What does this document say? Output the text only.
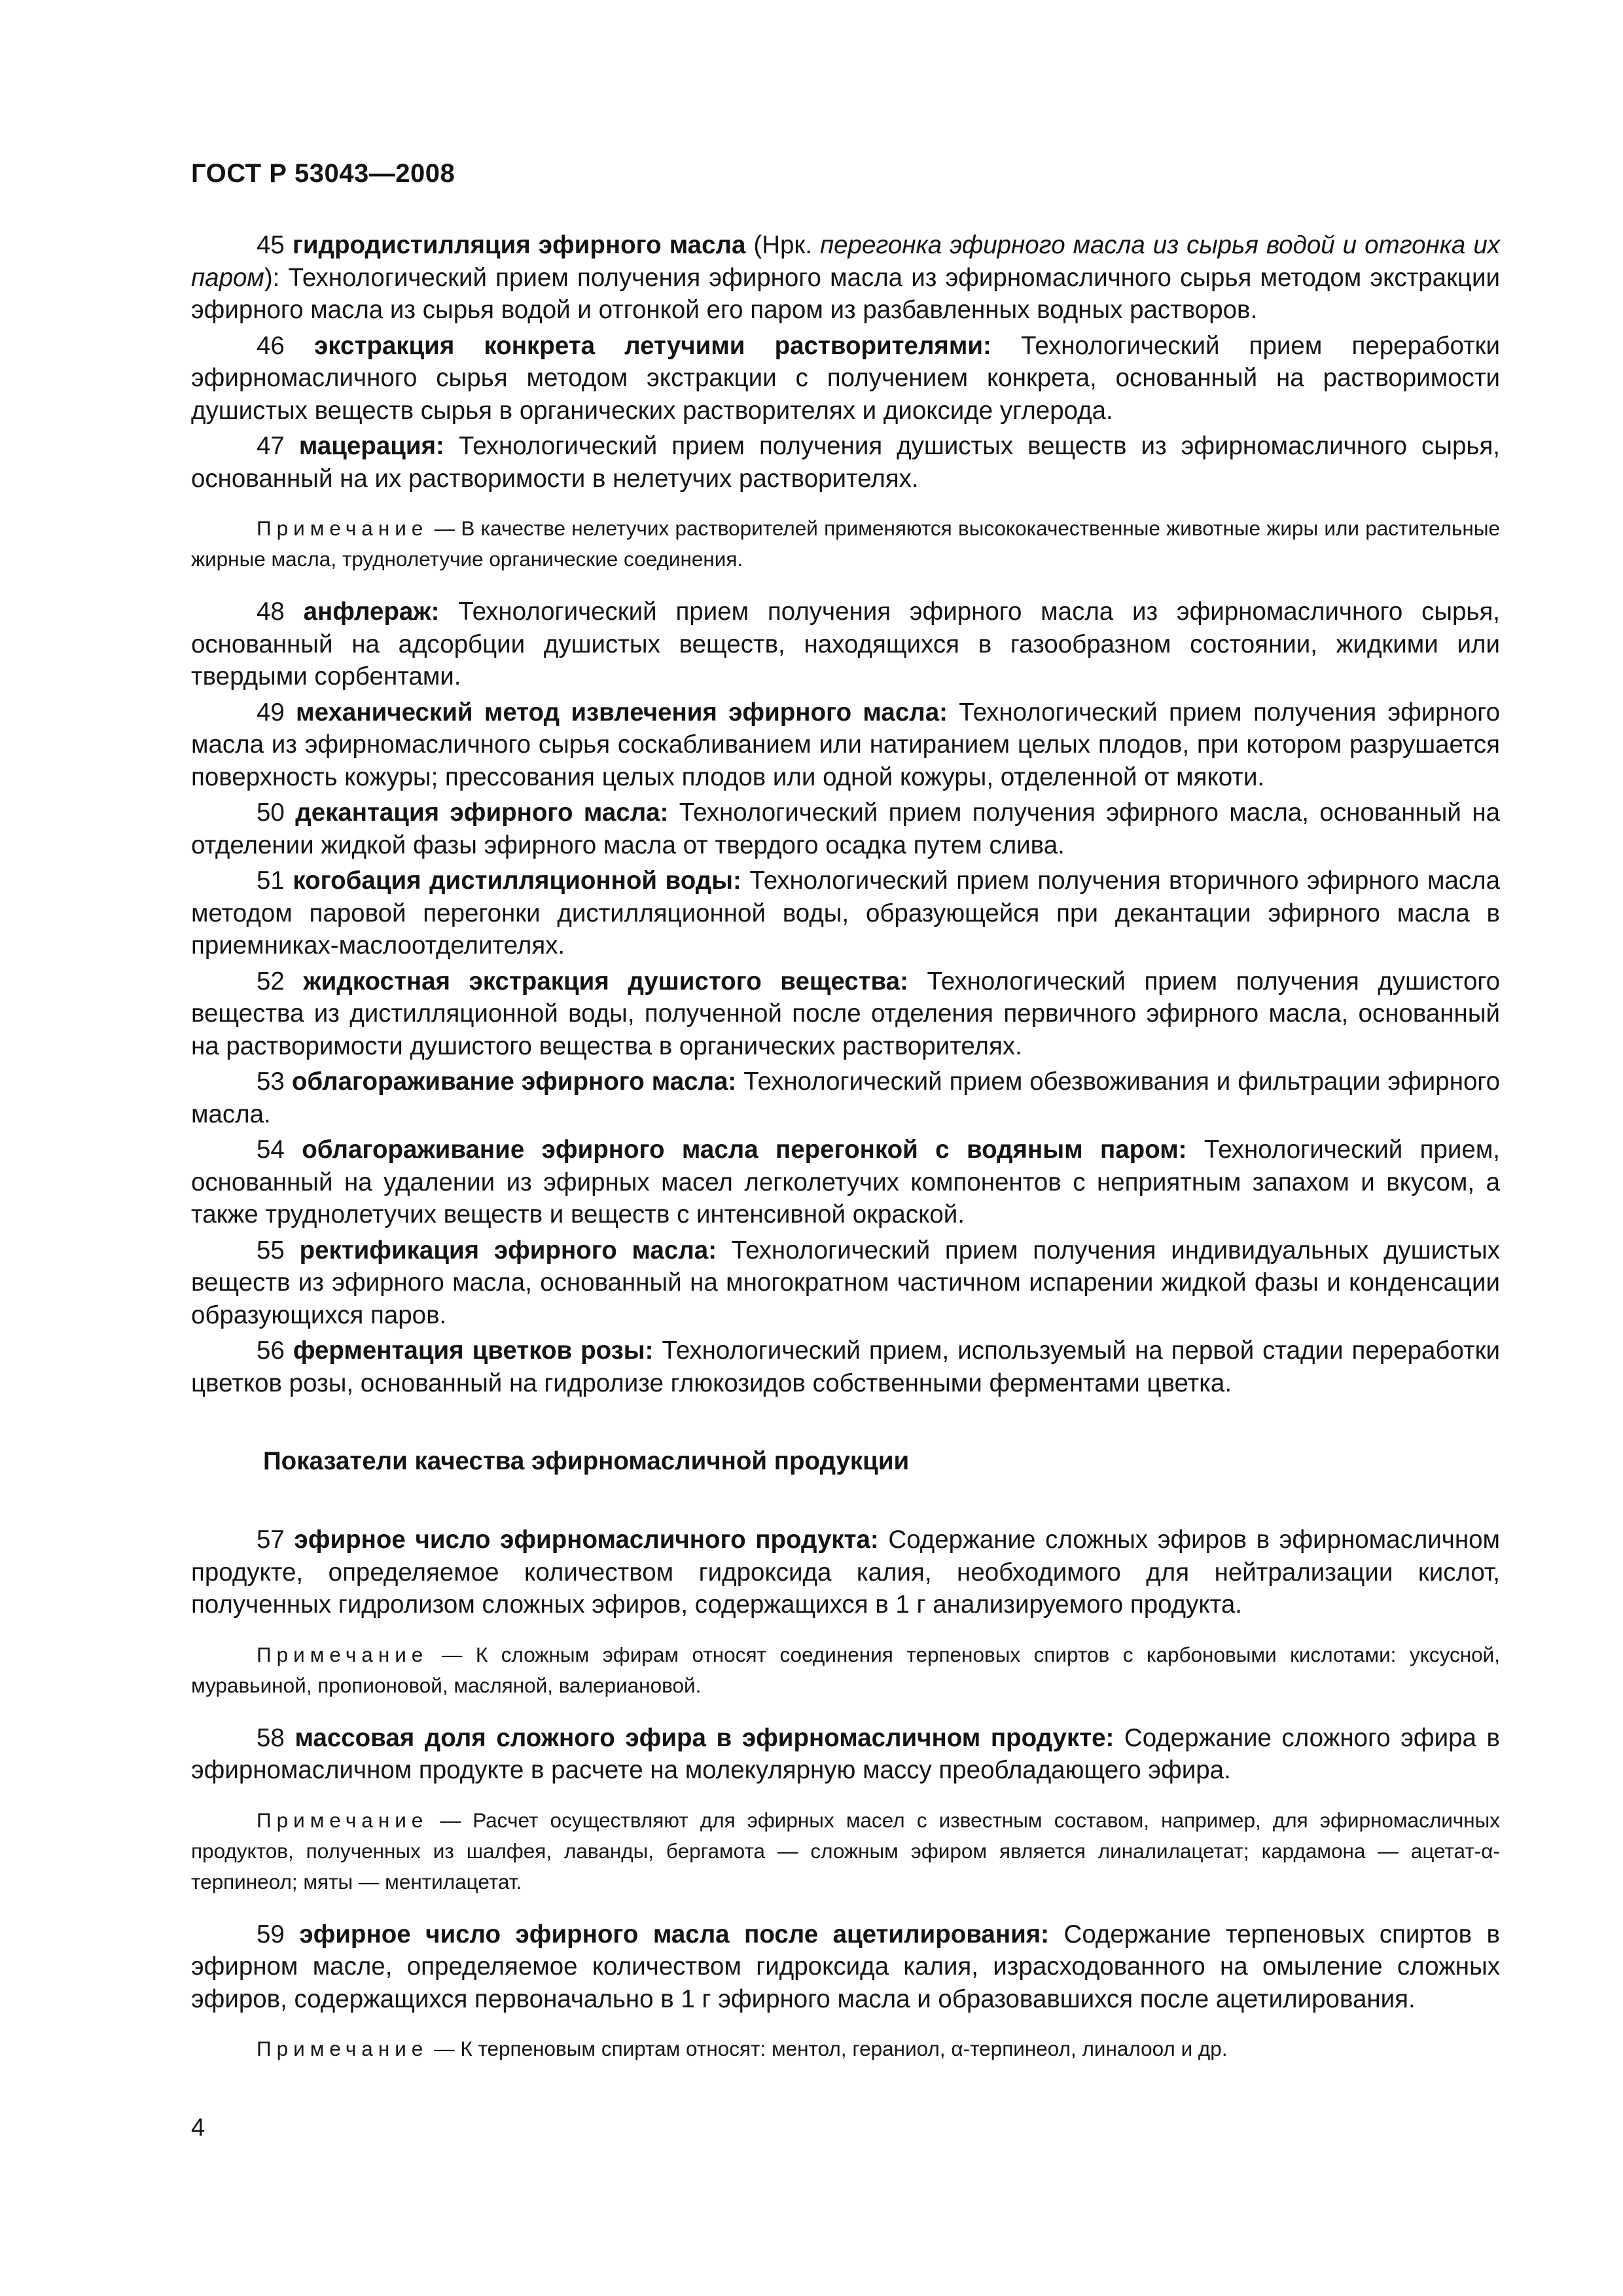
ГОСТ Р 53043—2008

45 гидродистилляция эфирного масла (Нрк. перегонка эфирного масла из сырья водой и отгонка их паром): Технологический прием получения эфирного масла из эфирномасличного сырья методом экстракции эфирного масла из сырья водой и отгонкой его паром из разбавленных водных растворов.

46 экстракция конкрета летучими растворителями: Технологический прием переработки эфирномасличного сырья методом экстракции с получением конкрета, основанный на растворимости душистых веществ сырья в органических растворителях и диоксиде углерода.

47 мацерация: Технологический прием получения душистых веществ из эфирномасличного сырья, основанный на их растворимости в нелетучих растворителях.

Примечание — В качестве нелетучих растворителей применяются высококачественные животные жиры или растительные жирные масла, труднолетучие органические соединения.

48 анфлераж: Технологический прием получения эфирного масла из эфирномасличного сырья, основанный на адсорбции душистых веществ, находящихся в газообразном состоянии, жидкими или твердыми сорбентами.

49 механический метод извлечения эфирного масла: Технологический прием получения эфирного масла из эфирномасличного сырья соскабливанием или натиранием целых плодов, при котором разрушается поверхность кожуры; прессования целых плодов или одной кожуры, отделенной от мякоти.

50 декантация эфирного масла: Технологический прием получения эфирного масла, основанный на отделении жидкой фазы эфирного масла от твердого осадка путем слива.

51 когобация дистилляционной воды: Технологический прием получения вторичного эфирного масла методом паровой перегонки дистилляционной воды, образующейся при декантации эфирного масла в приемниках-маслоотделителях.

52 жидкостная экстракция душистого вещества: Технологический прием получения душистого вещества из дистилляционной воды, полученной после отделения первичного эфирного масла, основанный на растворимости душистого вещества в органических растворителях.

53 облагораживание эфирного масла: Технологический прием обезвоживания и фильтрации эфирного масла.

54 облагораживание эфирного масла перегонкой с водяным паром: Технологический прием, основанный на удалении из эфирных масел легколетучих компонентов с неприятным запахом и вкусом, а также труднолетучих веществ и веществ с интенсивной окраской.

55 ректификация эфирного масла: Технологический прием получения индивидуальных душистых веществ из эфирного масла, основанный на многократном частичном испарении жидкой фазы и конденсации образующихся паров.

56 ферментация цветков розы: Технологический прием, используемый на первой стадии переработки цветков розы, основанный на гидролизе глюкозидов собственными ферментами цветка.

Показатели качества эфирномасличной продукции

57 эфирное число эфирномасличного продукта: Содержание сложных эфиров в эфирномасличном продукте, определяемое количеством гидроксида калия, необходимого для нейтрализации кислот, полученных гидролизом сложных эфиров, содержащихся в 1 г анализируемого продукта.

Примечание — К сложным эфирам относят соединения терпеновых спиртов с карбоновыми кислотами: уксусной, муравьиной, пропионовой, масляной, валериановой.

58 массовая доля сложного эфира в эфирномасличном продукте: Содержание сложного эфира в эфирномасличном продукте в расчете на молекулярную массу преобладающего эфира.

Примечание — Расчет осуществляют для эфирных масел с известным составом, например, для эфирномасличных продуктов, полученных из шалфея, лаванды, бергамота — сложным эфиром является линалилацетат; кардамона — ацетат-α-терпинеол; мяты — ментилацетат.

59 эфирное число эфирного масла после ацетилирования: Содержание терпеновых спиртов в эфирном масле, определяемое количеством гидроксида калия, израсходованного на омыление сложных эфиров, содержащихся первоначально в 1 г эфирного масла и образовавшихся после ацетилирования.

Примечание — К терпеновым спиртам относят: ментол, гераниол, α-терпинеол, линалоол и др.

4
